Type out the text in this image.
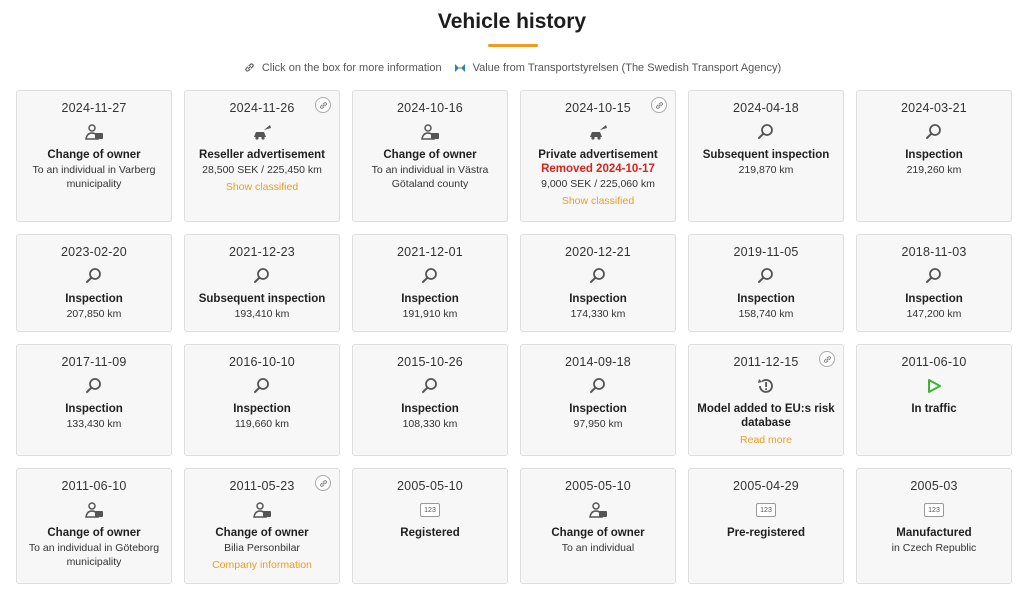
Vehicle history
Click on the box for more information	Value from Transportstyrelsen (The Swedish Transport Agency)
2024-11-27
Change of owner
To an individual in Varberg municipality
2024-11-26
Reseller advertisement
28,500 SEK / 225,450 km
Show classified
2024-10-16
Change of owner
To an individual in Västra Götaland county
2024-10-15
Private advertisement
Removed 2024-10-17
9,000 SEK / 225,060 km
Show classified
2024-04-18
Subsequent inspection
219,870 km
2024-03-21
Inspection
219,260 km
2023-02-20
Inspection
207,850 km
2021-12-23
Subsequent inspection
193,410 km
2021-12-01
Inspection
191,910 km
2020-12-21
Inspection
174,330 km
2019-11-05
Inspection
158,740 km
2018-11-03
Inspection
147,200 km
2017-11-09
Inspection
133,430 km
2016-10-10
Inspection
119,660 km
2015-10-26
Inspection
108,330 km
2014-09-18
Inspection
97,950 km
2011-12-15
Model added to EU:s risk database
Read more
2011-06-10
In traffic
2011-06-10
Change of owner
To an individual in Göteborg municipality
2011-05-23
Change of owner
Bilia Personbilar
Company information
2005-05-10
123
Registered
2005-05-10
Change of owner
To an individual
2005-04-29
123
Pre-registered
2005-03
123
Manufactured
in Czech Republic
